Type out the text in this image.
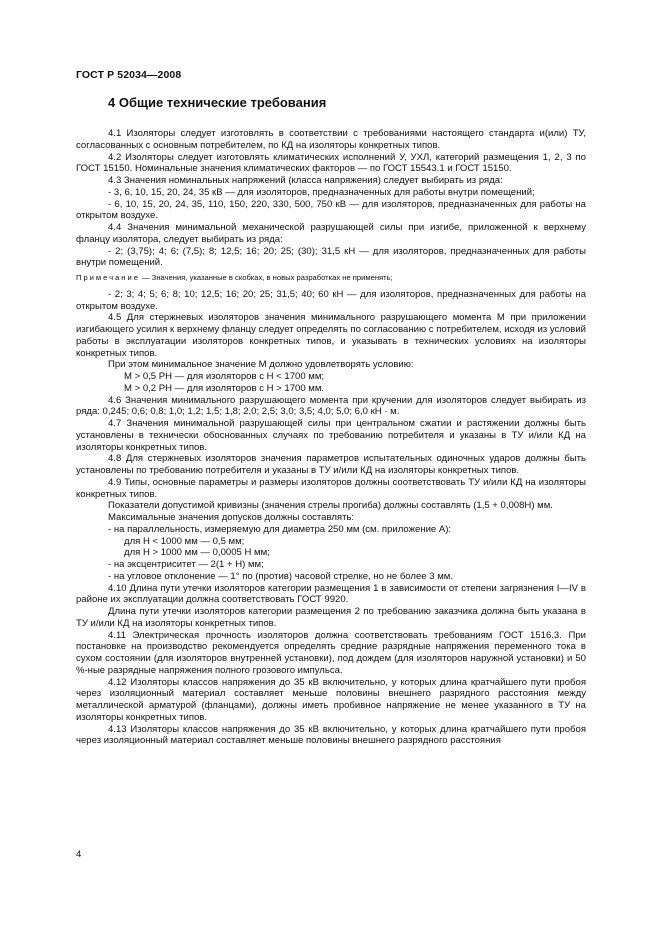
ГОСТ Р 52034—2008
4 Общие технические требования

4.1 Изоляторы следует изготовлять в соответствии с требованиями настоящего стандарта и(или) ТУ, согласованных с основным потребителем, по КД на изоляторы конкретных типов.

4.2 Изоляторы следует изготовлять климатических исполнений У, УХЛ, категорий размещения 1, 2, 3 по ГОСТ 15150. Номинальные значения климатических факторов — по ГОСТ 15543.1 и ГОСТ 15150.

4.3 Значения номинальных напряжений (класса напряжения) следует выбирать из ряда:

- 3, 6, 10, 15, 20, 24, 35 кВ — для изоляторов, предназначенных для работы внутри помещений;

- 6, 10, 15, 20, 24, 35, 110, 150, 220, 330, 500, 750 кВ — для изоляторов, предназначенных для работы на открытом воздухе.

4.4 Значения минимальной механической разрушающей силы при изгибе, приложенной к верхнему фланцу изолятора, следует выбирать из ряда:

- 2; (3,75); 4; 6; (7,5); 8; 12,5; 16; 20; 25; (30); 31,5 кН — для изоляторов, предназначенных для работы внутри помещений.

Примечание — Значения, указанные в скобках, в новых разработках не применять;

- 2; 3; 4; 5; 6; 8; 10; 12,5; 16; 20; 25; 31,5; 40; 60 кН — для изоляторов, предназначенных для работы на открытом воздухе.

4.5 Для стержневых изоляторов значения минимального разрушающего момента M при приложении изгибающего усилия к верхнему фланцу следует определять по согласованию с потребителем, исходя из условий работы в эксплуатации изоляторов конкретных типов, и указывать в технических условиях на изоляторы конкретных типов.

При этом минимальное значение M должно удовлетворять условию:

M > 0,5 PH — для изоляторов с H < 1700 мм;

M > 0,2 PH — для изоляторов с H > 1700 мм.

4.6 Значения минимального разрушающего момента при кручении для изоляторов следует выбирать из ряда: 0,245; 0,6; 0,8; 1,0; 1,2; 1,5; 1,8; 2,0; 2,5; 3,0; 3,5; 4,0; 5,0; 6,0 кН · м.

4.7 Значения минимальной разрушающей силы при центральном сжатии и растяжении должны быть установлены в технически обоснованных случаях по требованию потребителя и указаны в ТУ и/или КД на изоляторы конкретных типов.

4.8 Для стержневых изоляторов значения параметров испытательных одиночных ударов должны быть установлены по требованию потребителя и указаны в ТУ и/или КД на изоляторы конкретных типов.

4.9 Типы, основные параметры и размеры изоляторов должны соответствовать ТУ и/или КД на изоляторы конкретных типов.

Показатели допустимой кривизны (значения стрелы прогиба) должны составлять (1,5 + 0,008H) мм.

Максимальные значения допусков должны составлять:

- на параллельность, измеряемую для диаметра 250 мм (см. приложение А):

для H < 1000 мм — 0,5 мм;

для H > 1000 мм — 0,0005 H мм;

- на эксцентриситет — 2(1 + H) мм;

- на угловое отклонение — 1° по (против) часовой стрелке, но не более 3 мм.

4.10 Длина пути утечки изоляторов категории размещения 1 в зависимости от степени загрязнения I—IV в районе их эксплуатации должна соответствовать ГОСТ 9920.

Длина пути утечки изоляторов категории размещения 2 по требованию заказчика должна быть указана в ТУ и/или КД на изоляторы конкретных типов.

4.11 Электрическая прочность изоляторов должна соответствовать требованиям ГОСТ 1516.3. При постановке на производство рекомендуется определять средние разрядные напряжения переменного тока в сухом состоянии (для изоляторов внутренней установки), под дождем (для изоляторов наружной установки) и 50 %-ные разрядные напряжения полного грозового импульса.

4.12 Изоляторы классов напряжения до 35 кВ включительно, у которых длина кратчайшего пути пробоя через изоляционный материал составляет меньше половины внешнего разрядного расстояния между металлической арматурой (фланцами), должны иметь пробивное напряжение не менее указанного в ТУ на изоляторы конкретных типов.

4.13 Изоляторы классов напряжения до 35 кВ включительно, у которых длина кратчайшего пути пробоя через изоляционный материал составляет меньше половины внешнего разрядного расстояния

4
